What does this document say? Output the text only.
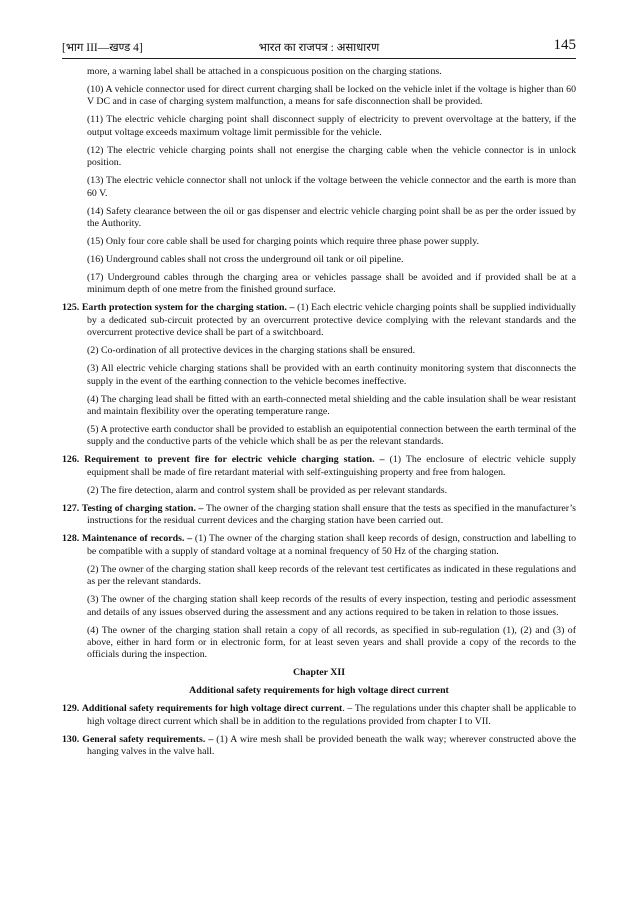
[भाग III—खण्ड 4]	भारत का राजपत्र : असाधारण	145

more, a warning label shall be attached in a conspicuous position on the charging stations.

(10) A vehicle connector used for direct current charging shall be locked on the vehicle inlet if the voltage is higher than 60 V DC and in case of charging system malfunction, a means for safe disconnection shall be provided.

(11) The electric vehicle charging point shall disconnect supply of electricity to prevent overvoltage at the battery, if the output voltage exceeds maximum voltage limit permissible for the vehicle.

(12) The electric vehicle charging points shall not energise the charging cable when the vehicle connector is in unlock position.

(13) The electric vehicle connector shall not unlock if the voltage between the vehicle connector and the earth is more than 60 V.

(14) Safety clearance between the oil or gas dispenser and electric vehicle charging point shall be as per the order issued by the Authority.

(15) Only four core cable shall be used for charging points which require three phase power supply.

(16) Underground cables shall not cross the underground oil tank or oil pipeline.

(17) Underground cables through the charging area or vehicles passage shall be avoided and if provided shall be at a minimum depth of one metre from the finished ground surface.

125. Earth protection system for the charging station. – (1) Each electric vehicle charging points shall be supplied individually by a dedicated sub-circuit protected by an overcurrent protective device complying with the relevant standards and the overcurrent protective device shall be part of a switchboard.

(2) Co-ordination of all protective devices in the charging stations shall be ensured.

(3) All electric vehicle charging stations shall be provided with an earth continuity monitoring system that disconnects the supply in the event of the earthing connection to the vehicle becomes ineffective.

(4) The charging lead shall be fitted with an earth-connected metal shielding and the cable insulation shall be wear resistant and maintain flexibility over the operating temperature range.

(5) A protective earth conductor shall be provided to establish an equipotential connection between the earth terminal of the supply and the conductive parts of the vehicle which shall be as per the relevant standards.

126. Requirement to prevent fire for electric vehicle charging station. – (1) The enclosure of electric vehicle supply equipment shall be made of fire retardant material with self-extinguishing property and free from halogen.

(2) The fire detection, alarm and control system shall be provided as per relevant standards.

127. Testing of charging station. – The owner of the charging station shall ensure that the tests as specified in the manufacturer’s instructions for the residual current devices and the charging station have been carried out.

128. Maintenance of records. – (1) The owner of the charging station shall keep records of design, construction and labelling to be compatible with a supply of standard voltage at a nominal frequency of 50 Hz of the charging station.

(2) The owner of the charging station shall keep records of the relevant test certificates as indicated in these regulations and as per the relevant standards.

(3) The owner of the charging station shall keep records of the results of every inspection, testing and periodic assessment and details of any issues observed during the assessment and any actions required to be taken in relation to those issues.

(4) The owner of the charging station shall retain a copy of all records, as specified in sub-regulation (1), (2) and (3) of above, either in hard form or in electronic form, for at least seven years and shall provide a copy of the records to the officials during the inspection.

Chapter XII

Additional safety requirements for high voltage direct current

129. Additional safety requirements for high voltage direct current. – The regulations under this chapter shall be applicable to high voltage direct current which shall be in addition to the regulations provided from chapter I to VII.

130. General safety requirements. – (1) A wire mesh shall be provided beneath the walk way; wherever constructed above the hanging valves in the valve hall.
